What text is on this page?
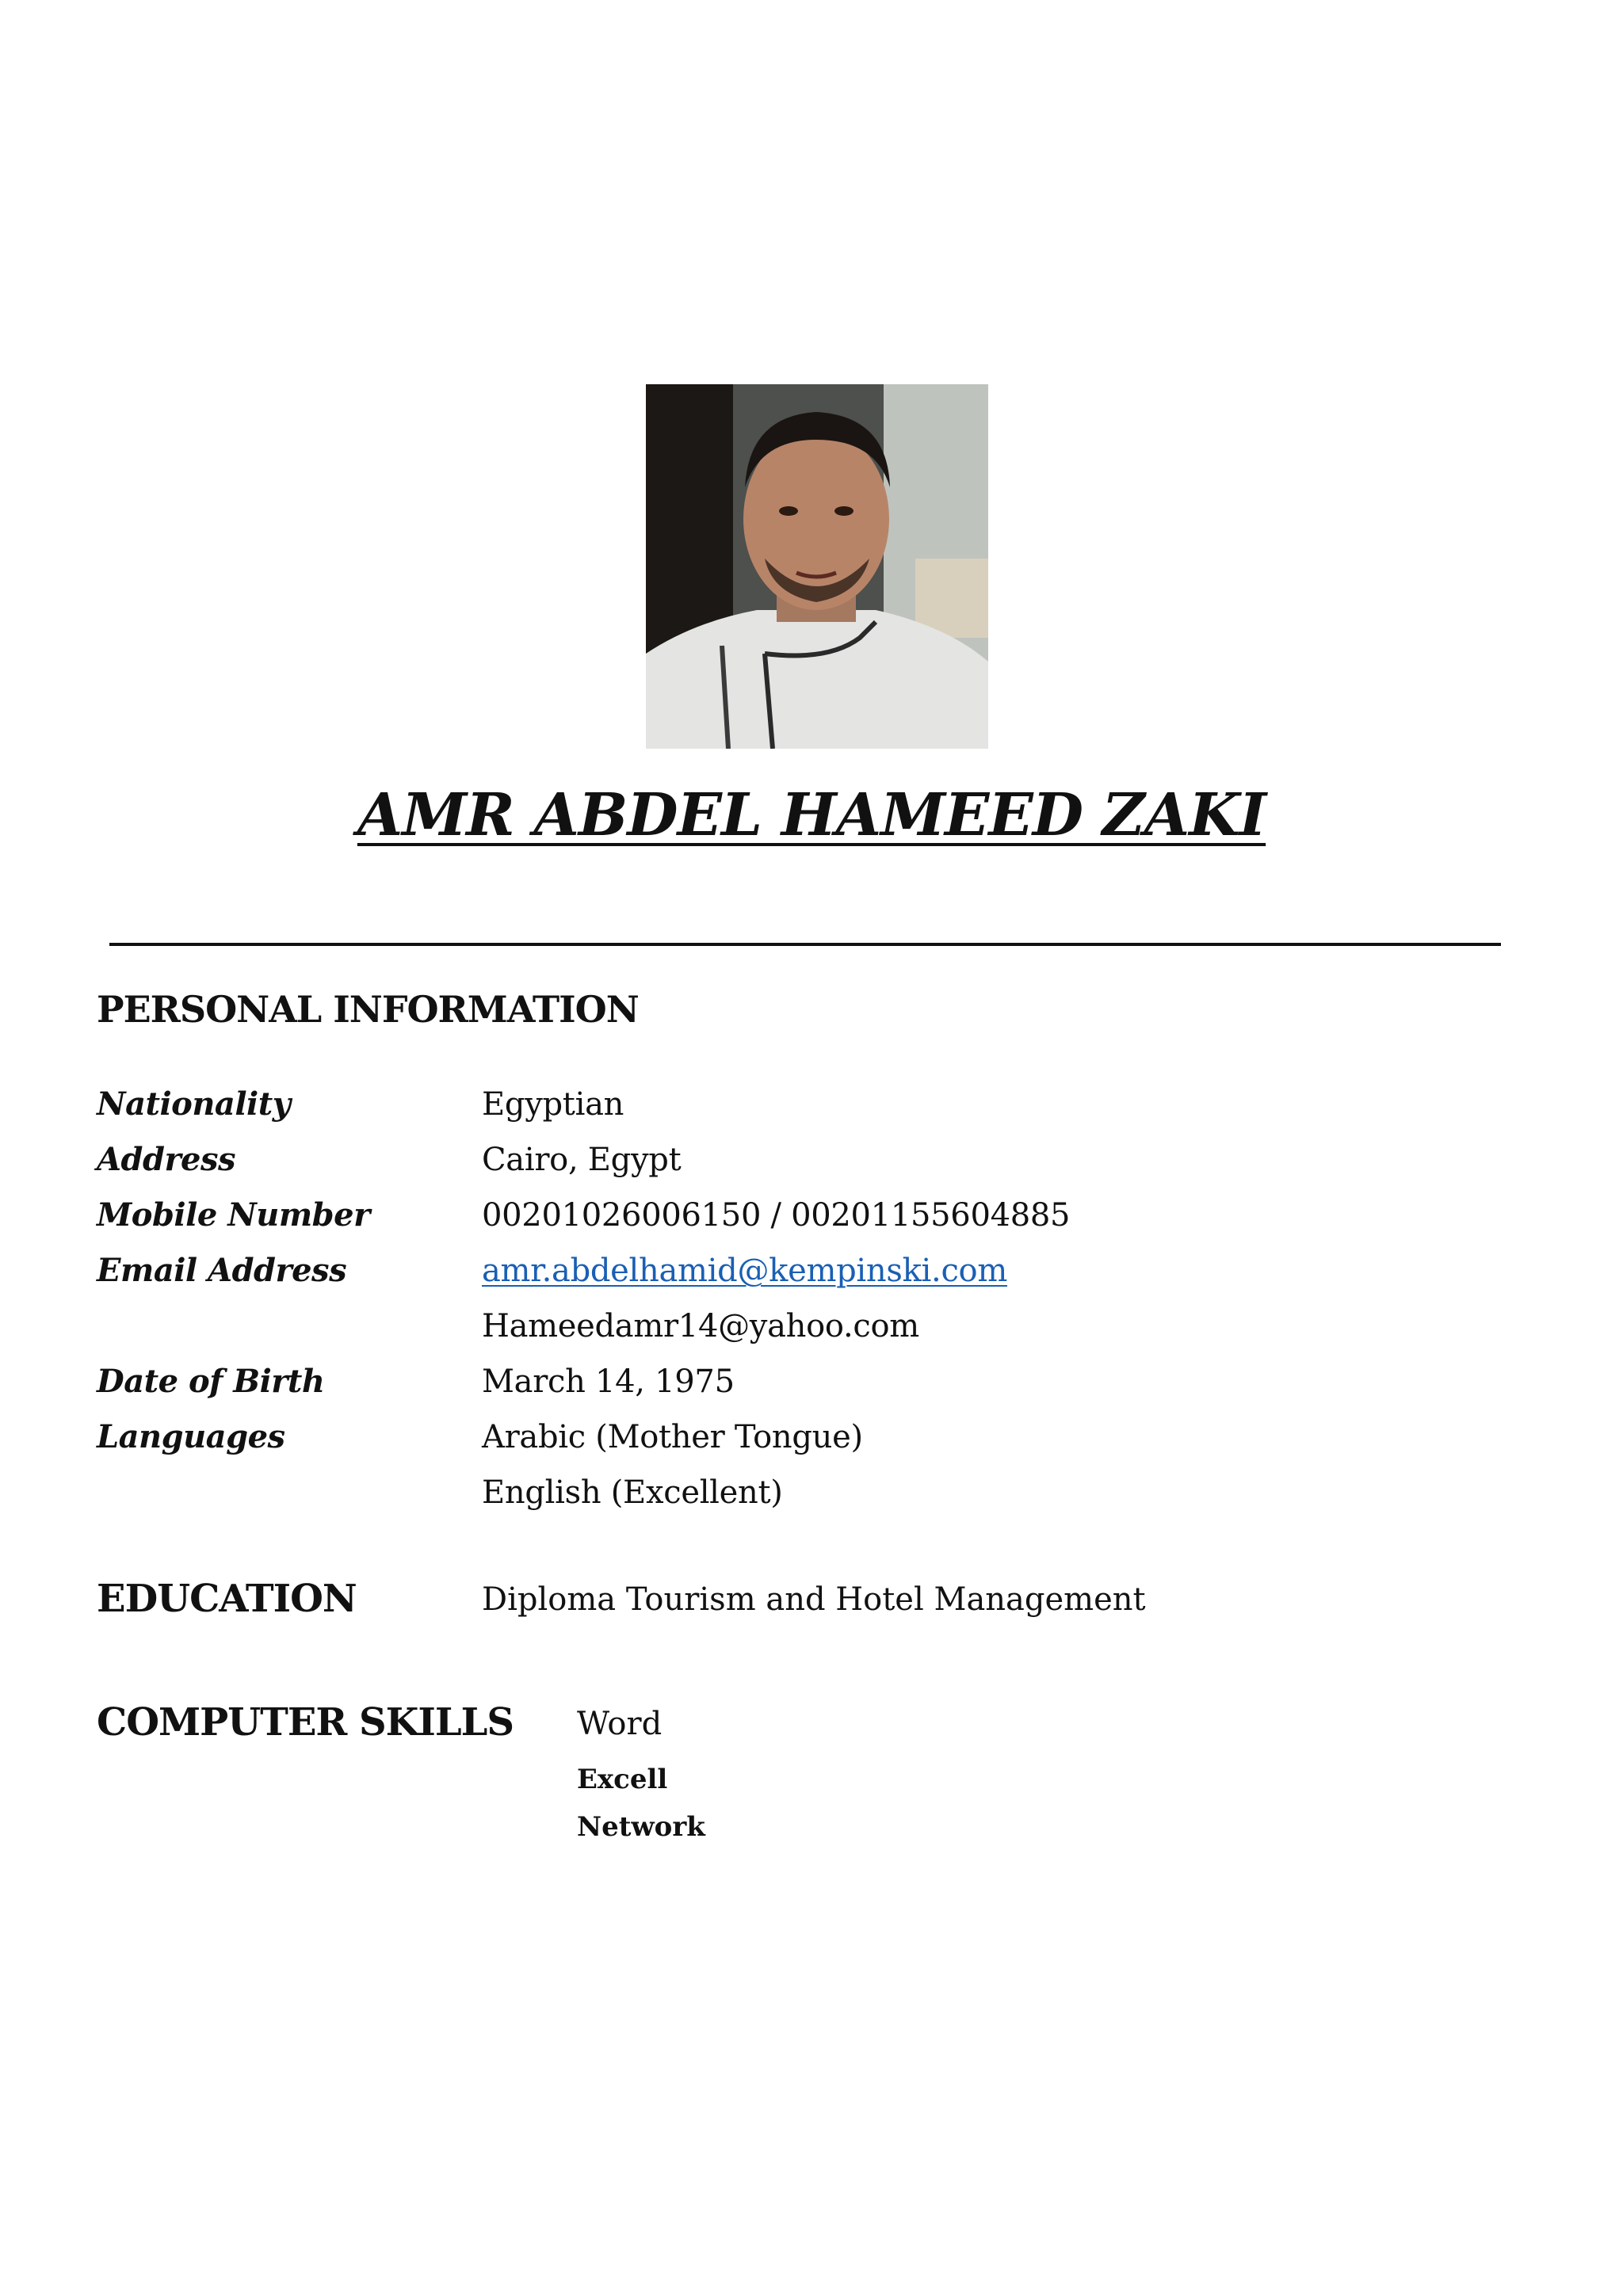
AMR ABDEL HAMEED ZAKI
PERSONAL INFORMATION
Nationality	Egyptian
Address	Cairo, Egypt
Mobile Number	00201026006150 / 00201155604885
Email Address	amr.abdelhamid@kempinski.com
Hameedamr14@yahoo.com
Date of Birth	March 14, 1975
Languages	Arabic (Mother Tongue)
English (Excellent)
EDUCATION	Diploma Tourism and Hotel Management
COMPUTER SKILLS Word
Excell
Network
